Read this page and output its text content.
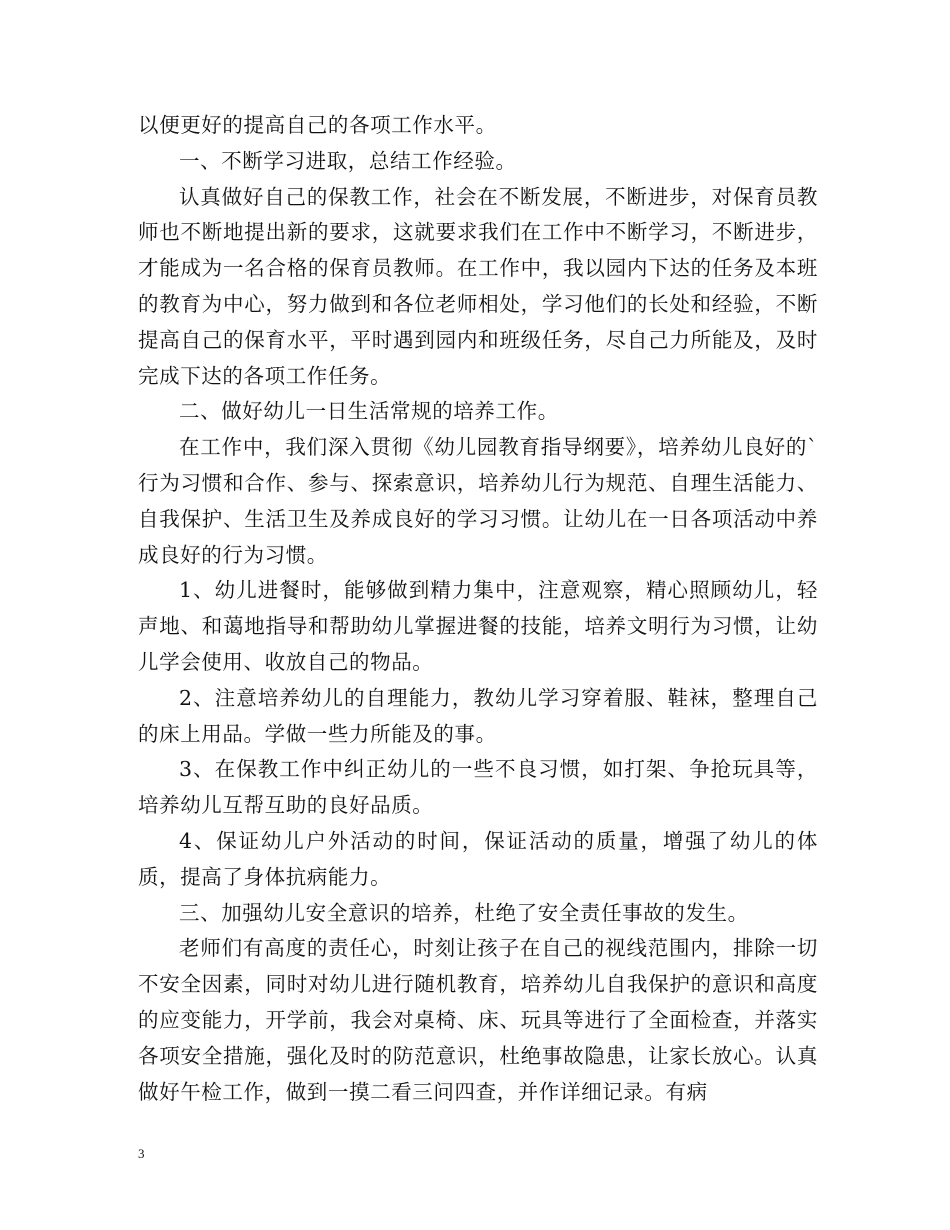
以便更好的提高自己的各项工作水平。

一、不断学习进取，总结工作经验。

认真做好自己的保教工作，社会在不断发展，不断进步，对保育员教师也不断地提出新的要求，这就要求我们在工作中不断学习，不断进步，才能成为一名合格的保育员教师。在工作中，我以园内下达的任务及本班的教育为中心，努力做到和各位老师相处，学习他们的长处和经验，不断提高自己的保育水平，平时遇到园内和班级任务，尽自己力所能及，及时完成下达的各项工作任务。

二、做好幼儿一日生活常规的培养工作。

在工作中，我们深入贯彻《幼儿园教育指导纲要》，培养幼儿良好的`行为习惯和合作、参与、探索意识，培养幼儿行为规范、自理生活能力、自我保护、生活卫生及养成良好的学习习惯。让幼儿在一日各项活动中养成良好的行为习惯。

1、幼儿进餐时，能够做到精力集中，注意观察，精心照顾幼儿，轻声地、和蔼地指导和帮助幼儿掌握进餐的技能，培养文明行为习惯，让幼儿学会使用、收放自己的物品。

2、注意培养幼儿的自理能力，教幼儿学习穿着服、鞋袜，整理自己的床上用品。学做一些力所能及的事。

3、在保教工作中纠正幼儿的一些不良习惯，如打架、争抢玩具等，培养幼儿互帮互助的良好品质。

4、保证幼儿户外活动的时间，保证活动的质量，增强了幼儿的体质，提高了身体抗病能力。

三、加强幼儿安全意识的培养，杜绝了安全责任事故的发生。

老师们有高度的责任心，时刻让孩子在自己的视线范围内，排除一切不安全因素，同时对幼儿进行随机教育，培养幼儿自我保护的意识和高度的应变能力，开学前，我会对桌椅、床、玩具等进行了全面检查，并落实各项安全措施，强化及时的防范意识，杜绝事故隐患，让家长放心。认真做好午检工作，做到一摸二看三问四查，并作详细记录。有病

3
